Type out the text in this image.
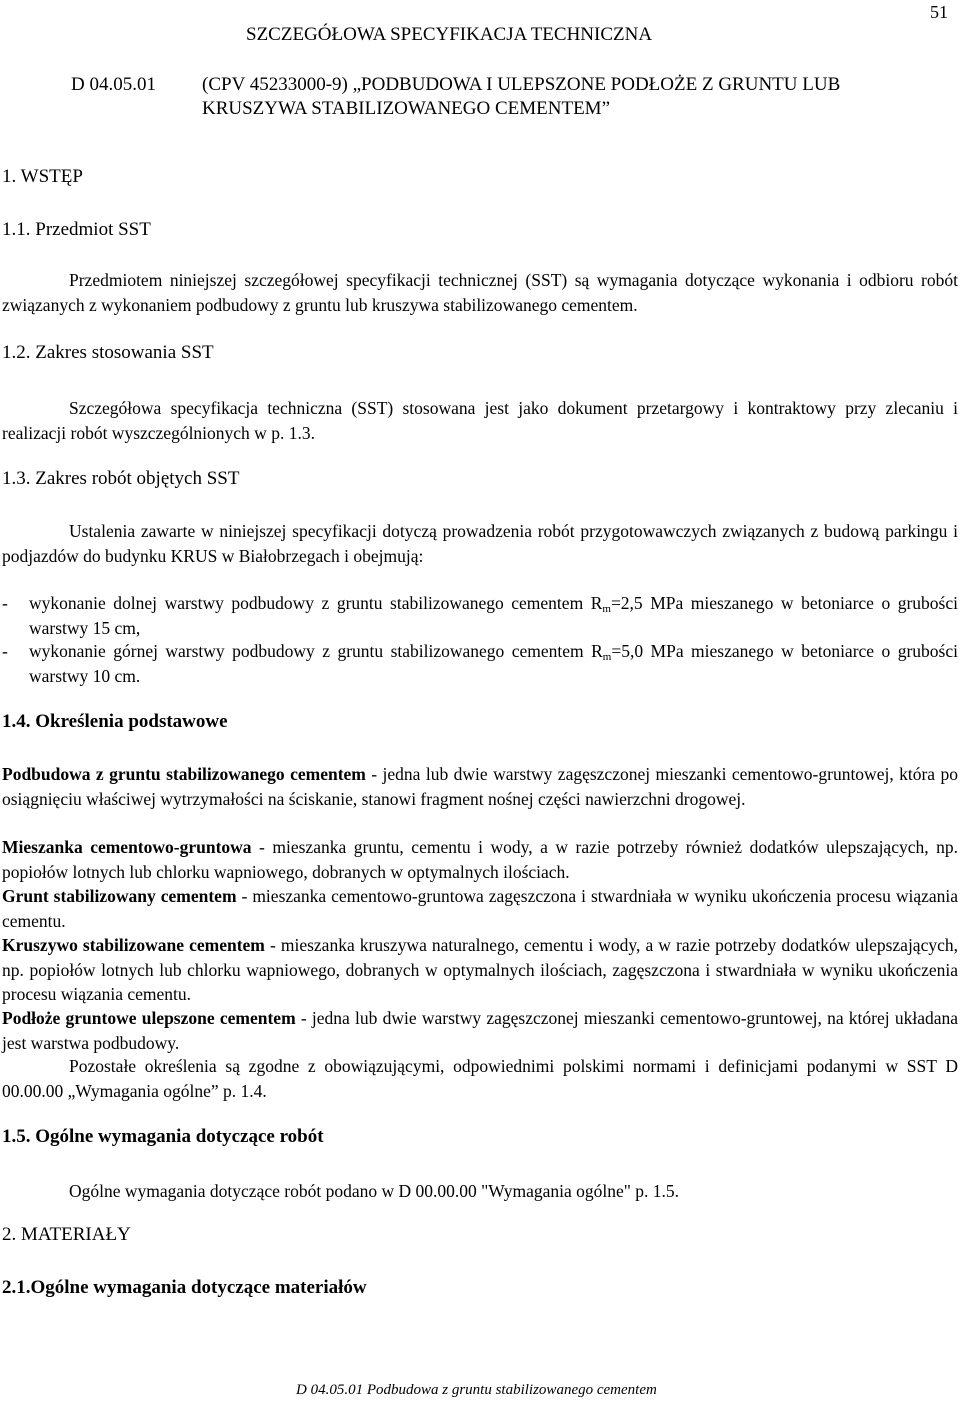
51
SZCZEGÓŁOWA SPECYFIKACJA TECHNICZNA
D 04.05.01 (CPV 45233000-9) „PODBUDOWA I ULEPSZONE PODŁOŻE Z GRUNTU LUB
KRUSZYWA STABILIZOWANEGO CEMENTEM”
1. WSTĘP
1.1. Przedmiot SST
Przedmiotem niniejszej szczegółowej specyfikacji technicznej (SST) są wymagania dotyczące wykonania i odbioru robót związanych z wykonaniem podbudowy z gruntu lub kruszywa stabilizowanego cementem.
1.2. Zakres stosowania SST
Szczegółowa specyfikacja techniczna (SST) stosowana jest jako dokument przetargowy i kontraktowy przy zlecaniu i realizacji robót wyszczególnionych w p. 1.3.
1.3. Zakres robót objętych SST
Ustalenia zawarte w niniejszej specyfikacji dotyczą prowadzenia robót przygotowawczych związanych z budową parkingu i podjazdów do budynku KRUS w Białobrzegach i obejmują:
- wykonanie dolnej warstwy podbudowy z gruntu stabilizowanego cementem $R_m=2,5$ MPa mieszanego w betoniarce o grubości warstwy 15 cm,
- wykonanie górnej warstwy podbudowy z gruntu stabilizowanego cementem $R_m=5,0$ MPa mieszanego w betoniarce o grubości warstwy 10 cm.
1.4. Określenia podstawowe
Podbudowa z gruntu stabilizowanego cementem - jedna lub dwie warstwy zagęszczonej mieszanki cementowo-gruntowej, która po osiągnięciu właściwej wytrzymałości na ściskanie, stanowi fragment nośnej części nawierzchni drogowej.
Mieszanka cementowo-gruntowa - mieszanka gruntu, cementu i wody, a w razie potrzeby również dodatków ulepszających, np. popiołów lotnych lub chlorku wapniowego, dobranych w optymalnych ilościach.
Grunt stabilizowany cementem - mieszanka cementowo-gruntowa zagęszczona i stwardniała w wyniku ukończenia procesu wiązania cementu.
Kruszywo stabilizowane cementem - mieszanka kruszywa naturalnego, cementu i wody, a w razie potrzeby dodatków ulepszających, np. popiołów lotnych lub chlorku wapniowego, dobranych w optymalnych ilościach, zagęszczona i stwardniała w wyniku ukończenia procesu wiązania cementu.
Podłoże gruntowe ulepszone cementem - jedna lub dwie warstwy zagęszczonej mieszanki cementowo-gruntowej, na której układana jest warstwa podbudowy.
Pozostałe określenia są zgodne z obowiązującymi, odpowiednimi polskimi normami i definicjami podanymi w SST D 00.00.00 „Wymagania ogólne” p. 1.4.
1.5. Ogólne wymagania dotyczące robót
Ogólne wymagania dotyczące robót podano w D 00.00.00 "Wymagania ogólne" p. 1.5.
2. MATERIAŁY
2.1.Ogólne wymagania dotyczące materiałów
D 04.05.01 Podbudowa z gruntu stabilizowanego cementem
